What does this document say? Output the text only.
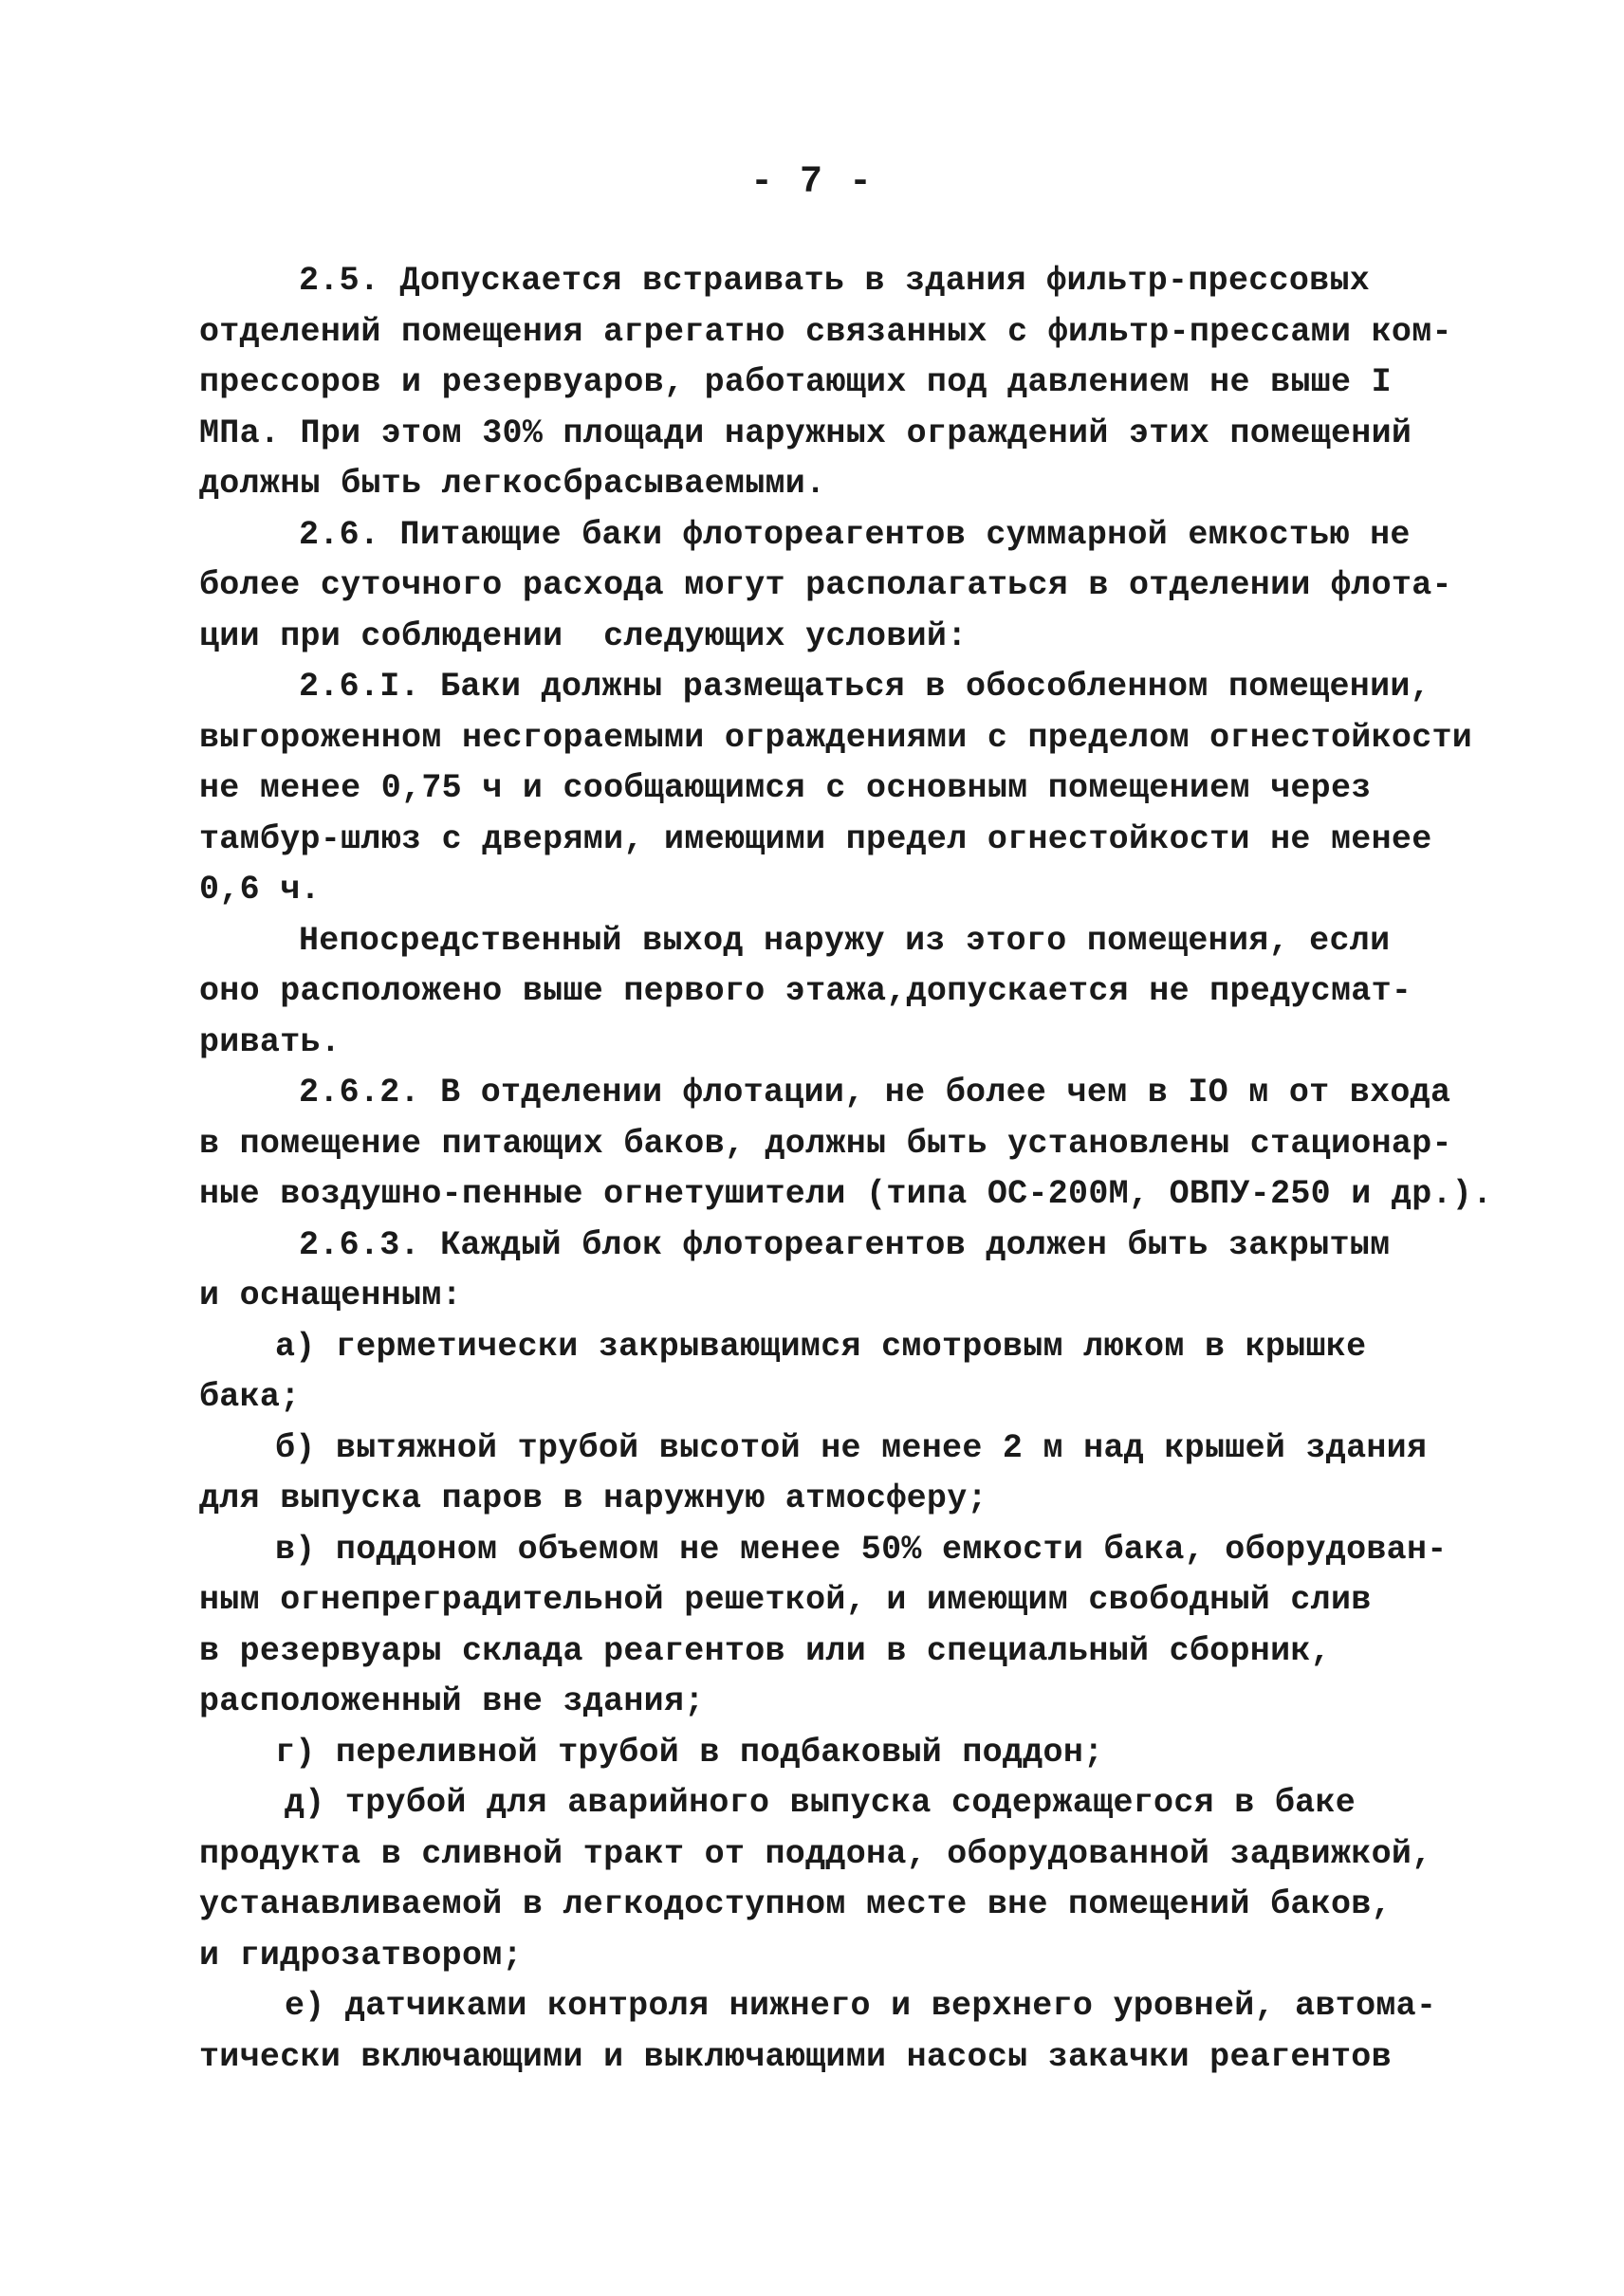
- 7 -
2.5. Допускается встраивать в здания фильтр-прессовых
отделений помещения агрегатно связанных с фильтр-прессами ком-
прессоров и резервуаров, работающих под давлением не выше I
МПа. При этом 30% площади наружных ограждений этих помещений
должны быть легкосбрасываемыми.
2.6. Питающие баки флотореагентов суммарной емкостью не
более суточного расхода могут располагаться в отделении флота-
ции при соблюдении  следующих условий:
2.6.I. Баки должны размещаться в обособленном помещении,
выгороженном несгораемыми ограждениями с пределом огнестойкости
не менее 0,75 ч и сообщающимся с основным помещением через
тамбур-шлюз с дверями, имеющими предел огнестойкости не менее
0,6 ч.
Непосредственный выход наружу из этого помещения, если
оно расположено выше первого этажа,допускается не предусмат-
ривать.
2.6.2. В отделении флотации, не более чем в IO м от входа
в помещение питающих баков, должны быть установлены стационар-
ные воздушно-пенные огнетушители (типа ОС-200М, ОВПУ-250 и др.).
2.6.3. Каждый блок флотореагентов должен быть закрытым
и оснащенным:
а) герметически закрывающимся смотровым люком в крышке
бака;
б) вытяжной трубой высотой не менее 2 м над крышей здания
для выпуска паров в наружную атмосферу;
в) поддоном объемом не менее 50% емкости бака, оборудован-
ным огнепреградительной решеткой, и имеющим свободный слив
в резервуары склада реагентов или в специальный сборник,
расположенный вне здания;
г) переливной трубой в подбаковый поддон;
д) трубой для аварийного выпуска содержащегося в баке
продукта в сливной тракт от поддона, оборудованной задвижкой,
устанавливаемой в легкодоступном месте вне помещений баков,
и гидрозатвором;
е) датчиками контроля нижнего и верхнего уровней, автома-
тически включающими и выключающими насосы закачки реагентов
